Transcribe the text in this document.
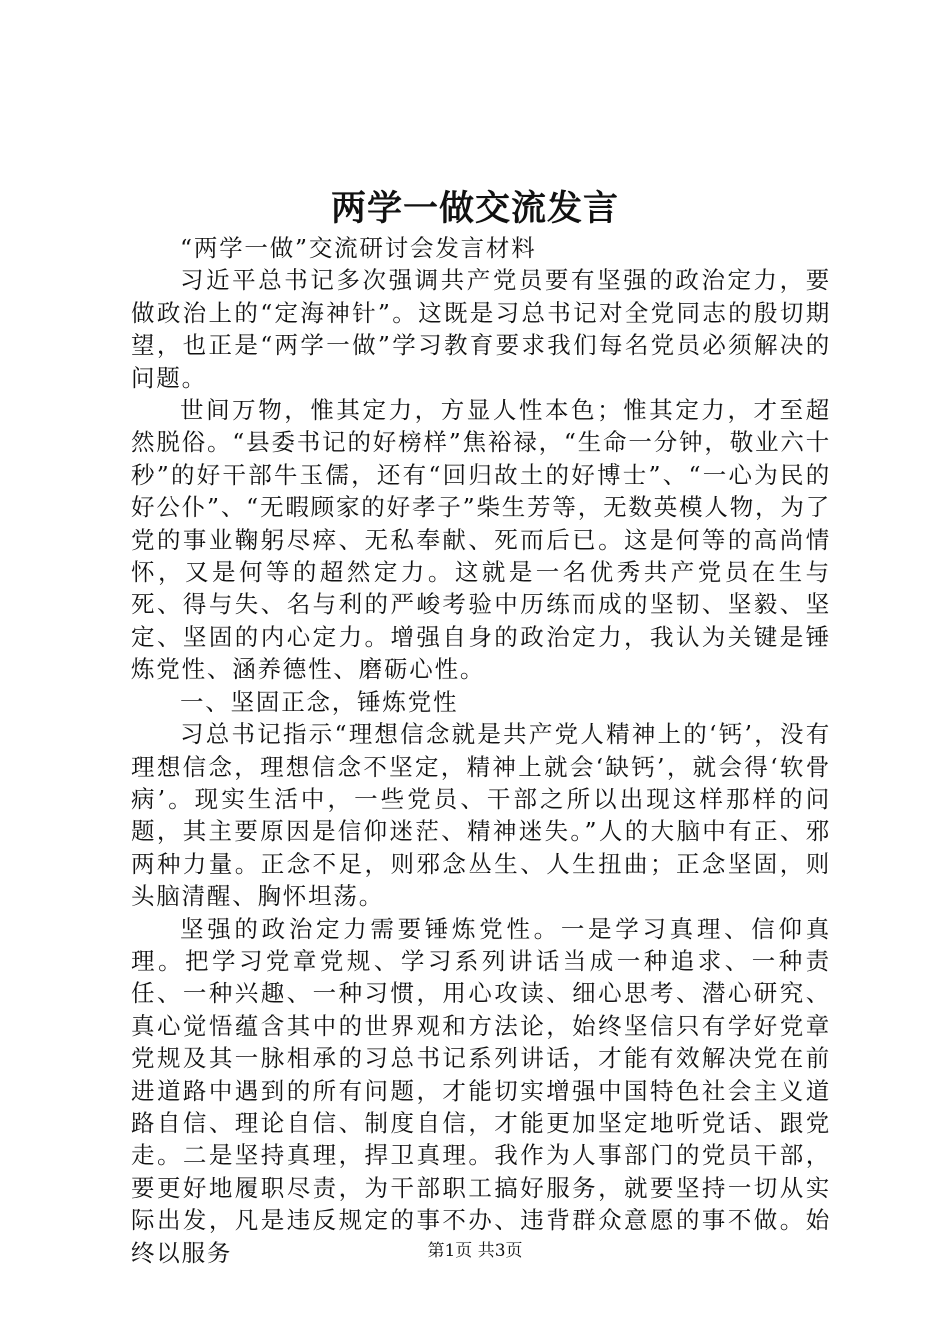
两学一做交流发言

“两学一做”交流研讨会发言材料

习近平总书记多次强调共产党员要有坚强的政治定力，要做政治上的“定海神针”。这既是习总书记对全党同志的殷切期望，也正是“两学一做”学习教育要求我们每名党员必须解决的问题。

世间万物，惟其定力，方显人性本色；惟其定力，才至超然脱俗。“县委书记的好榜样”焦裕禄，“生命一分钟，敬业六十秒”的好干部牛玉儒，还有“回归故土的好博士”、“一心为民的好公仆”、“无暇顾家的好孝子”柴生芳等，无数英模人物，为了党的事业鞠躬尽瘁、无私奉献、死而后已。这是何等的高尚情怀，又是何等的超然定力。这就是一名优秀共产党员在生与死、得与失、名与利的严峻考验中历练而成的坚韧、坚毅、坚定、坚固的内心定力。增强自身的政治定力，我认为关键是锤炼党性、涵养德性、磨砺心性。

一、坚固正念，锤炼党性

习总书记指示“理想信念就是共产党人精神上的‘钙’，没有理想信念，理想信念不坚定，精神上就会‘缺钙’，就会得‘软骨病’。现实生活中，一些党员、干部之所以出现这样那样的问题，其主要原因是信仰迷茫、精神迷失。”人的大脑中有正、邪两种力量。正念不足，则邪念丛生、人生扭曲；正念坚固，则头脑清醒、胸怀坦荡。

坚强的政治定力需要锤炼党性。一是学习真理、信仰真理。把学习党章党规、学习系列讲话当成一种追求、一种责任、一种兴趣、一种习惯，用心攻读、细心思考、潜心研究、真心觉悟蕴含其中的世界观和方法论，始终坚信只有学好党章党规及其一脉相承的习总书记系列讲话，才能有效解决党在前进道路中遇到的所有问题，才能切实增强中国特色社会主义道路自信、理论自信、制度自信，才能更加坚定地听党话、跟党走。二是坚持真理，捍卫真理。我作为人事部门的党员干部，要更好地履职尽责，为干部职工搞好服务，就要坚持一切从实际出发，凡是违反规定的事不办、违背群众意愿的事不做。始终以服务	第1页 共3页
